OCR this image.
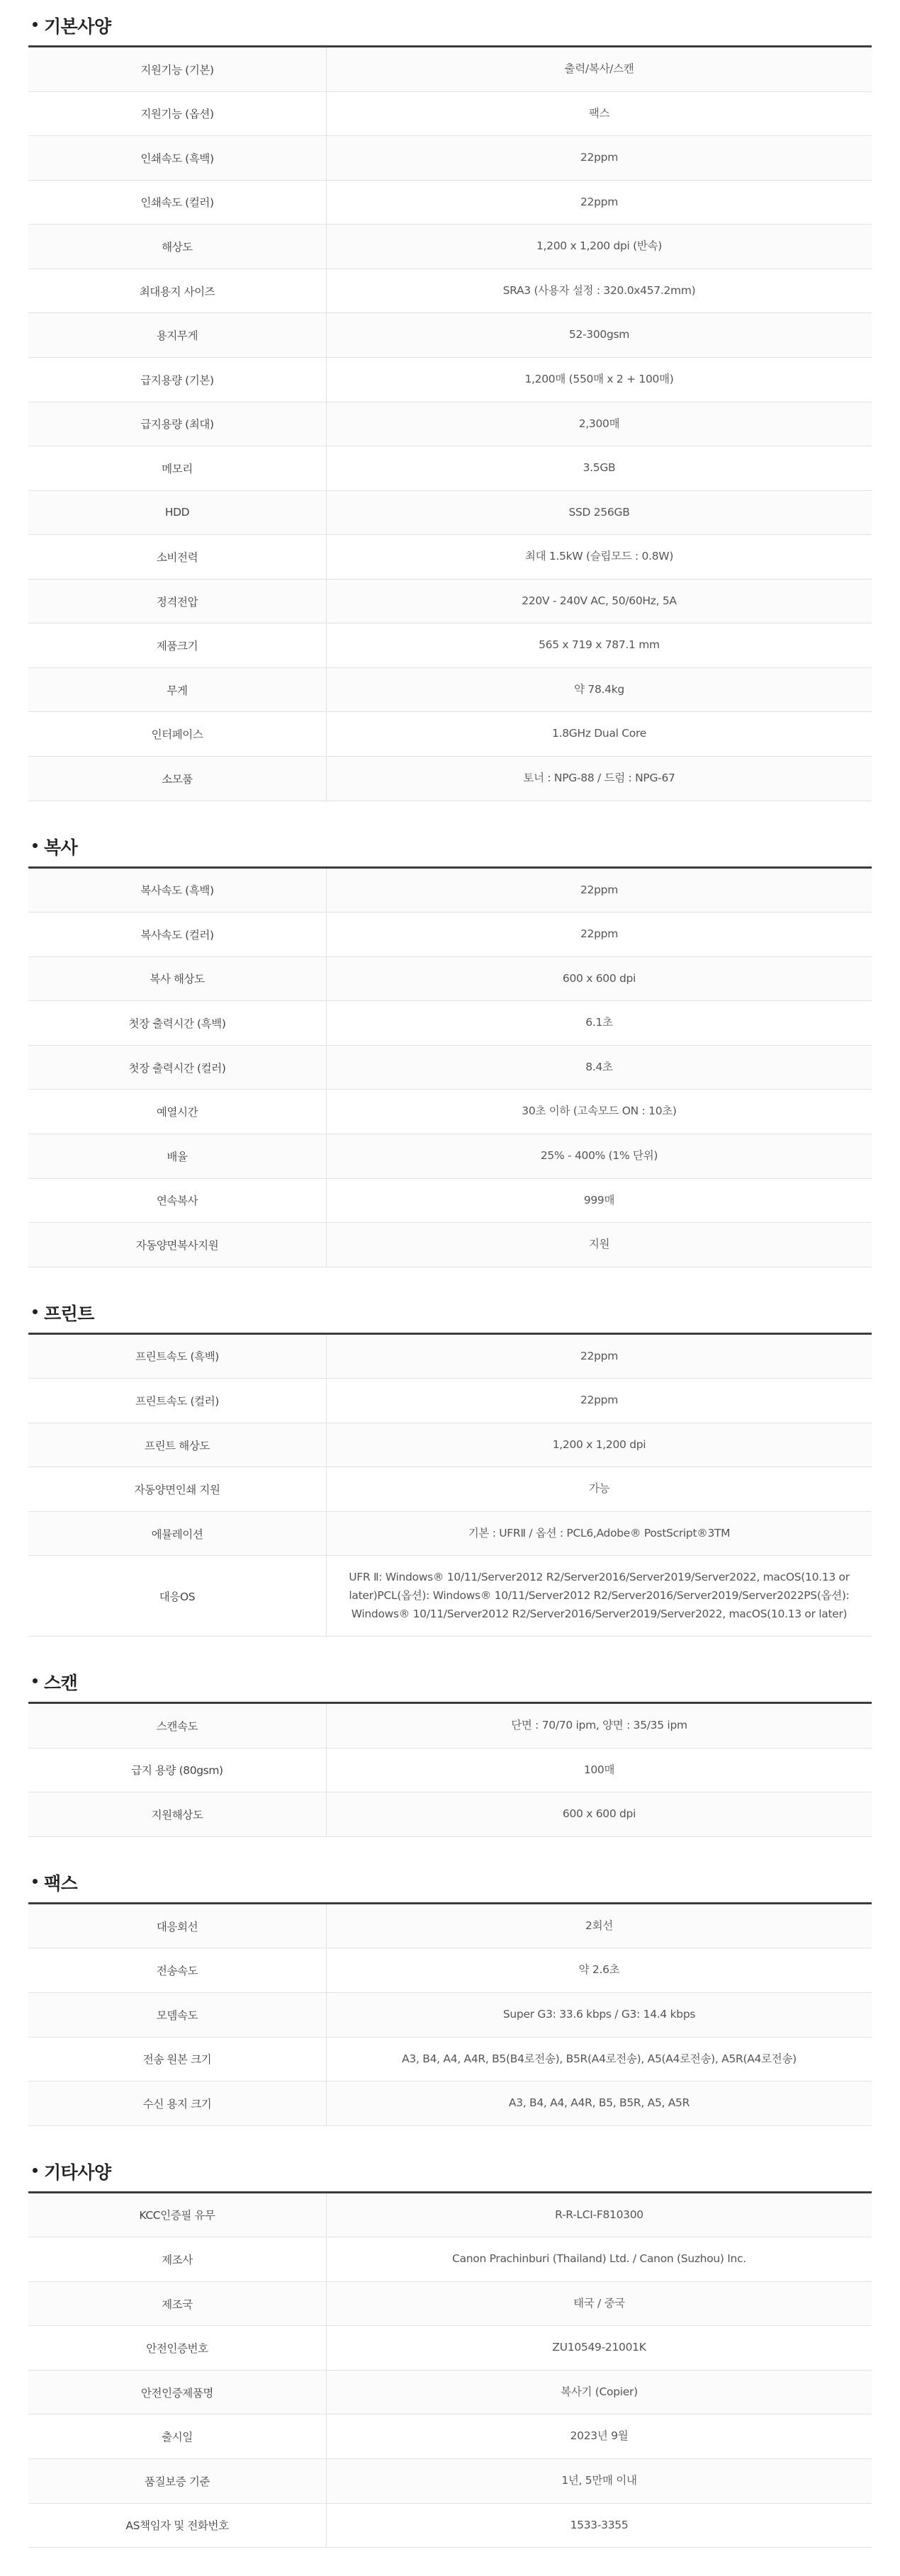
기본사양
지원기능 (기본)	출력/복사/스캔
지원기능 (옵션)	팩스
인쇄속도 (흑백)	22ppm
인쇄속도 (컬러)	22ppm
해상도	1,200 x 1,200 dpi (반속)
최대용지 사이즈	SRA3 (사용자 설정 : 320.0x457.2mm)
용지무게	52-300gsm
급지용량 (기본)	1,200매 (550매 x 2 + 100매)
급지용량 (최대)	2,300매
메모리	3.5GB
HDD	SSD 256GB
소비전력	최대 1.5kW (슬립모드 : 0.8W)
정격전압	220V - 240V AC, 50/60Hz, 5A
제품크기	565 x 719 x 787.1 mm
무게	약 78.4kg
인터페이스	1.8GHz Dual Core
소모품	토너 : NPG-88 / 드럼 : NPG-67
복사
복사속도 (흑백)	22ppm
복사속도 (컬러)	22ppm
복사 해상도	600 x 600 dpi
첫장 출력시간 (흑백)	6.1초
첫장 출력시간 (컬러)	8.4초
예열시간	30초 이하 (고속모드 ON : 10초)
배율	25% - 400% (1% 단위)
연속복사	999매
자동양면복사지원	지원
프린트
프린트속도 (흑백)	22ppm
프린트속도 (컬러)	22ppm
프린트 해상도	1,200 x 1,200 dpi
자동양면인쇄 지원	가능
에뮬레이션	기본 : UFRⅡ / 옵션 : PCL6,Adobe® PostScript®3TM
대응OS	UFR Ⅱ: Windows® 10/11/Server2012 R2/Server2016/Server2019/Server2022, macOS(10.13 or later)PCL(옵션): Windows® 10/11/Server2012 R2/Server2016/Server2019/Server2022PS(옵션): Windows® 10/11/Server2012 R2/Server2016/Server2019/Server2022, macOS(10.13 or later)
스캔
스캔속도	단면 : 70/70 ipm, 양면 : 35/35 ipm
급지 용량 (80gsm)	100매
지원해상도	600 x 600 dpi
팩스
대응회선	2회선
전송속도	약 2.6초
모뎀속도	Super G3: 33.6 kbps / G3: 14.4 kbps
전송 원본 크기	A3, B4, A4, A4R, B5(B4로전송), B5R(A4로전송), A5(A4로전송), A5R(A4로전송)
수신 용지 크기	A3, B4, A4, A4R, B5, B5R, A5, A5R
기타사양
KCC인증필 유무	R-R-LCI-F810300
제조사	Canon Prachinburi (Thailand) Ltd. / Canon (Suzhou) Inc.
제조국	태국 / 중국
안전인증번호	ZU10549-21001K
안전인증제품명	복사기 (Copier)
출시일	2023년 9월
품질보증 기준	1년, 5만매 이내
AS책임자 및 전화번호	1533-3355
